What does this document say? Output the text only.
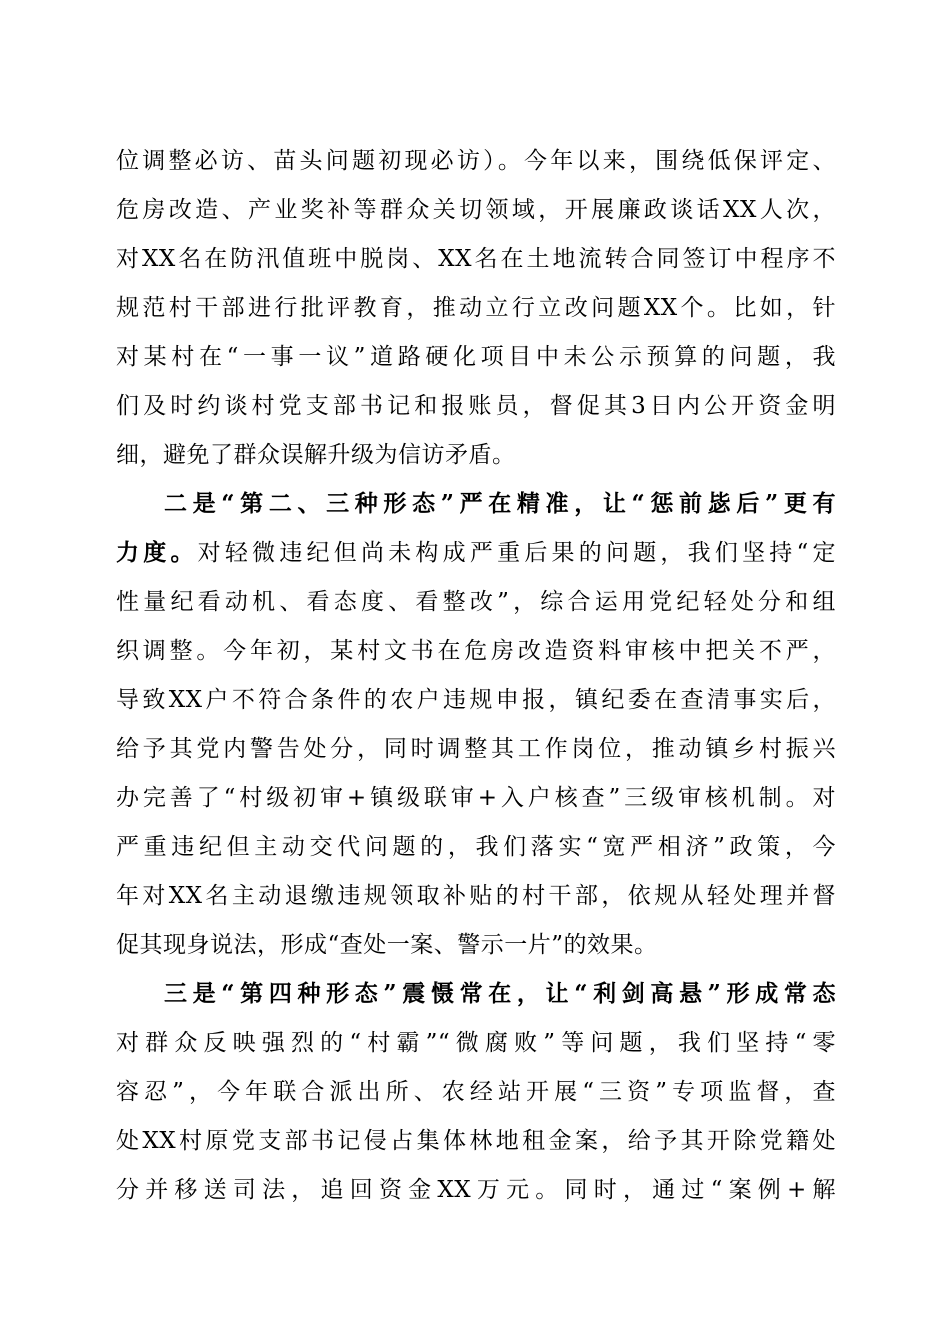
位调整必访、苗头问题初现必访）。今年以来，围绕低保评定、
危房改造、产业奖补等群众关切领域，开展廉政谈话XX人次，
对XX名在防汛值班中脱岗、XX名在土地流转合同签订中程序不
规范村干部进行批评教育，推动立行立改问题XX个。比如，针
对某村在“一事一议”道路硬化项目中未公示预算的问题，我
们及时约谈村党支部书记和报账员，督促其3日内公开资金明
细，避免了群众误解升级为信访矛盾。
二是“第二、三种形态”严在精准，让“惩前毖后”更有
力度。对轻微违纪但尚未构成严重后果的问题，我们坚持“定
性量纪看动机、看态度、看整改”，综合运用党纪轻处分和组
织调整。今年初，某村文书在危房改造资料审核中把关不严，
导致XX户不符合条件的农户违规申报，镇纪委在查清事实后，
给予其党内警告处分，同时调整其工作岗位，推动镇乡村振兴
办完善了“村级初审+镇级联审+入户核查”三级审核机制。对
严重违纪但主动交代问题的，我们落实“宽严相济”政策，今
年对XX名主动退缴违规领取补贴的村干部，依规从轻处理并督
促其现身说法，形成“查处一案、警示一片”的效果。
三是“第四种形态”震慑常在，让“利剑高悬”形成常态
对群众反映强烈的“村霸”“微腐败”等问题，我们坚持“零
容忍”，今年联合派出所、农经站开展“三资”专项监督，查
处XX村原党支部书记侵占集体林地租金案，给予其开除党籍处
分并移送司法，追回资金XX万元。同时，通过“案例+解
